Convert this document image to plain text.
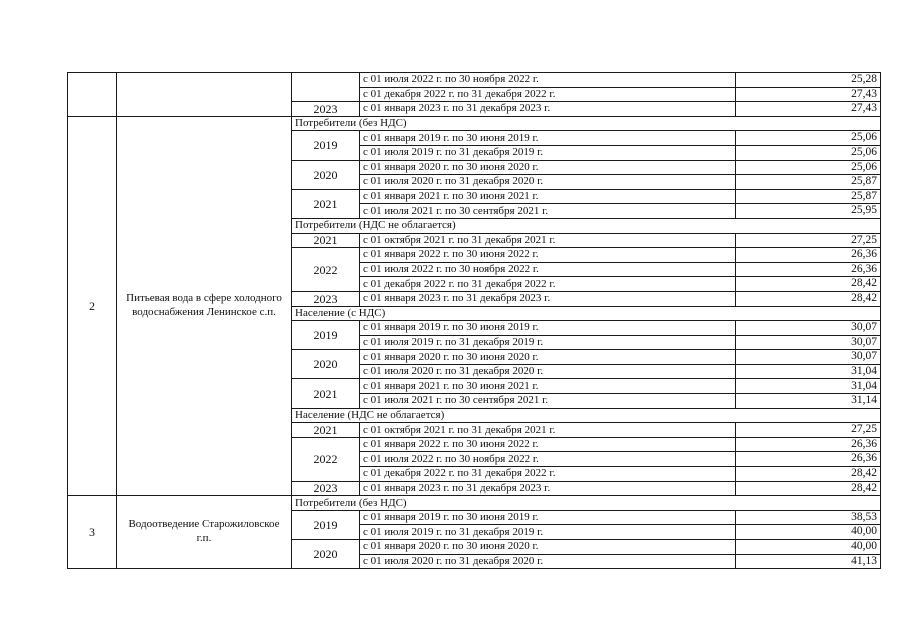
			с 01 июля 2022 г. по 30 ноября 2022 г.	25,28
			с 01 декабря 2022 г. по 31 декабря 2022 г.	27,43
		2023	с 01 января 2023 г. по 31 декабря 2023 г.	27,43
2	Питьевая вода в сфере холодного водоснабжения Ленинское с.п.	Потребители (без НДС)		
		2019	с 01 января 2019 г. по 30 июня 2019 г.	25,06
			с 01 июля 2019 г. по 31 декабря 2019 г.	25,06
		2020	с 01 января 2020 г. по 30 июня 2020 г.	25,06
			с 01 июля 2020 г. по 31 декабря 2020 г.	25,87
		2021	с 01 января 2021 г. по 30 июня 2021 г.	25,87
			с 01 июля 2021 г. по 30 сентября 2021 г.	25,95
		Потребители (НДС не облагается)		
		2021	с 01 октября 2021 г. по 31 декабря 2021 г.	27,25
		2022	с 01 января 2022 г. по 30 июня 2022 г.	26,36
			с 01 июля 2022 г. по 30 ноября 2022 г.	26,36
			с 01 декабря 2022 г. по 31 декабря 2022 г.	28,42
		2023	с 01 января 2023 г. по 31 декабря 2023 г.	28,42
		Население (с НДС)		
		2019	с 01 января 2019 г. по 30 июня 2019 г.	30,07
			с 01 июля 2019 г. по 31 декабря 2019 г.	30,07
		2020	с 01 января 2020 г. по 30 июня 2020 г.	30,07
			с 01 июля 2020 г. по 31 декабря 2020 г.	31,04
		2021	с 01 января 2021 г. по 30 июня 2021 г.	31,04
			с 01 июля 2021 г. по 30 сентября 2021 г.	31,14
		Население (НДС не облагается)		
		2021	с 01 октября 2021 г. по 31 декабря 2021 г.	27,25
		2022	с 01 января 2022 г. по 30 июня 2022 г.	26,36
			с 01 июля 2022 г. по 30 ноября 2022 г.	26,36
			с 01 декабря 2022 г. по 31 декабря 2022 г.	28,42
		2023	с 01 января 2023 г. по 31 декабря 2023 г.	28,42
3	Водоотведение Старожиловское г.п.	Потребители (без НДС)		
		2019	с 01 января 2019 г. по 30 июня 2019 г.	38,53
			с 01 июля 2019 г. по 31 декабря 2019 г.	40,00
		2020	с 01 января 2020 г. по 30 июня 2020 г.	40,00
			с 01 июля 2020 г. по 31 декабря 2020 г.	41,13
